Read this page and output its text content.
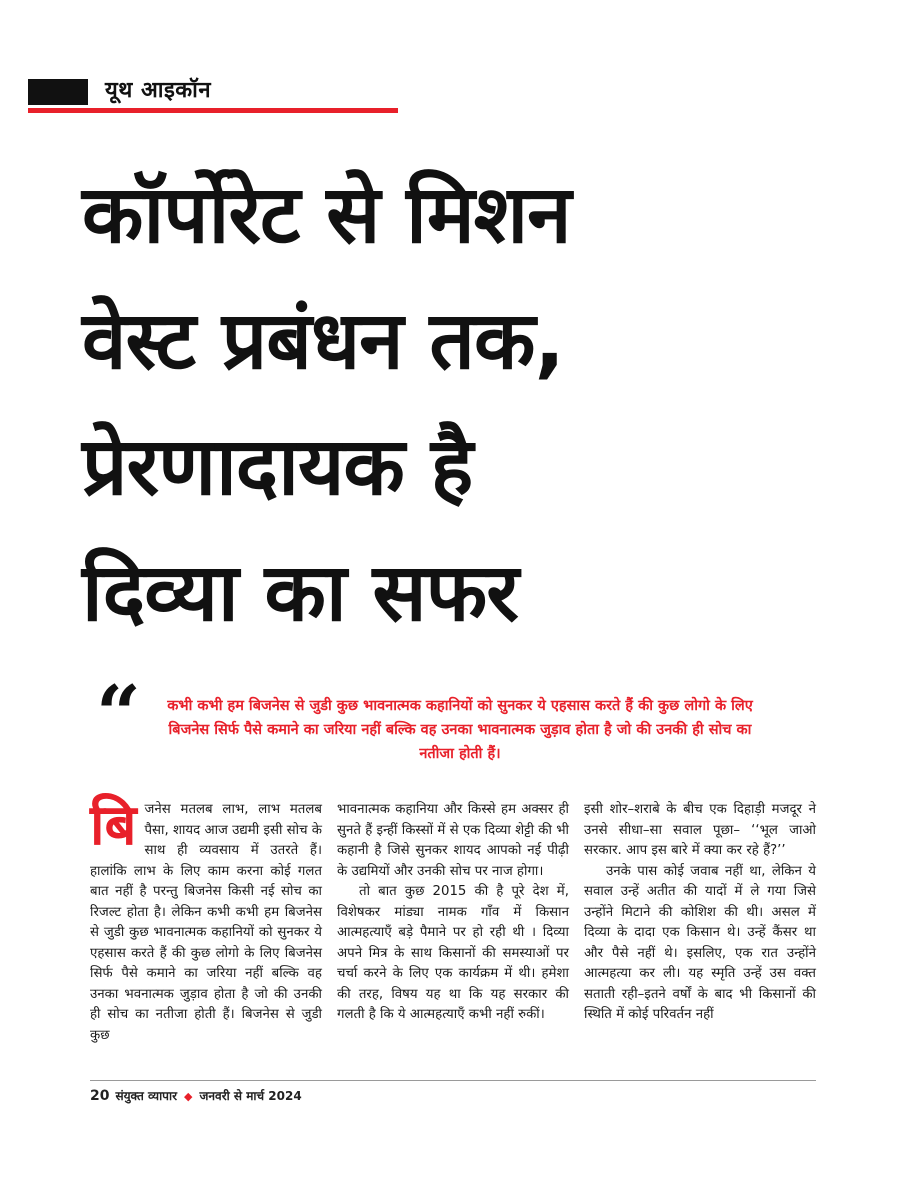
यूथ आइकॉन
कॉर्पोरेट से मिशन
वेस्ट प्रबंधन तक,
प्रेरणादायक है
दिव्या का सफर
“	कभी कभी हम बिजनेस से जुडी कुछ भावनात्मक कहानियों को सुनकर ये एहसास करते हैं की कुछ लोगो के लिए बिजनेस सिर्फ पैसे कमाने का जरिया नहीं बल्कि वह उनका भावनात्मक जुड़ाव होता है जो की उनकी ही सोच का नतीजा होती हैं।

बिजनेस मतलब लाभ, लाभ मतलब पैसा, शायद आज उद्यमी इसी सोच के साथ ही व्यवसाय में उतरते हैं। हालांकि लाभ के लिए काम करना कोई गलत बात नहीं है परन्तु बिजनेस किसी नई सोच का रिजल्ट होता है। लेकिन कभी कभी हम बिजनेस से जुडी कुछ भावनात्मक कहानियों को सुनकर ये एहसास करते हैं की कुछ लोगो के लिए बिजनेस सिर्फ पैसे कमाने का जरिया नहीं बल्कि वह उनका भवनात्मक जुड़ाव होता है जो की उनकी ही सोच का नतीजा होती हैं। बिजनेस से जुडी कुछ

भावनात्मक कहानिया और किस्से हम अक्सर ही सुनते हैं इन्हीं किस्सों में से एक दिव्या शेट्टी की भी कहानी है जिसे सुनकर शायद आपको नई पीढ़ी के उद्यमियों और उनकी सोच पर नाज होगा।

तो बात कुछ 2015 की है पूरे देश में, विशेषकर मांड्या नामक गाँव में किसान आत्महत्याएँ बड़े पैमाने पर हो रही थी । दिव्या अपने मित्र के साथ किसानों की समस्याओं पर चर्चा करने के लिए एक कार्यक्रम में थी। हमेशा की तरह, विषय यह था कि यह सरकार की गलती है कि ये आत्महत्याएँ कभी नहीं रुकीं।

इसी शोर–शराबे के बीच एक दिहाड़ी मजदूर ने उनसे सीधा–सा सवाल पूछा– ‘‘भूल जाओ सरकार. आप इस बारे में क्या कर रहे हैं?’’

उनके पास कोई जवाब नहीं था, लेकिन ये सवाल उन्हें अतीत की यादों में ले गया जिसे उन्होंने मिटाने की कोशिश की थी। असल में दिव्या के दादा एक किसान थे। उन्हें कैंसर था और पैसे नहीं थे। इसलिए, एक रात उन्होंने आत्महत्या कर ली। यह स्मृति उन्हें उस वक्त सताती रही–इतने वर्षों के बाद भी किसानों की स्थिति में कोई परिवर्तन नहीं

20 संयुक्त व्यापार ◆ जनवरी से मार्च 2024
